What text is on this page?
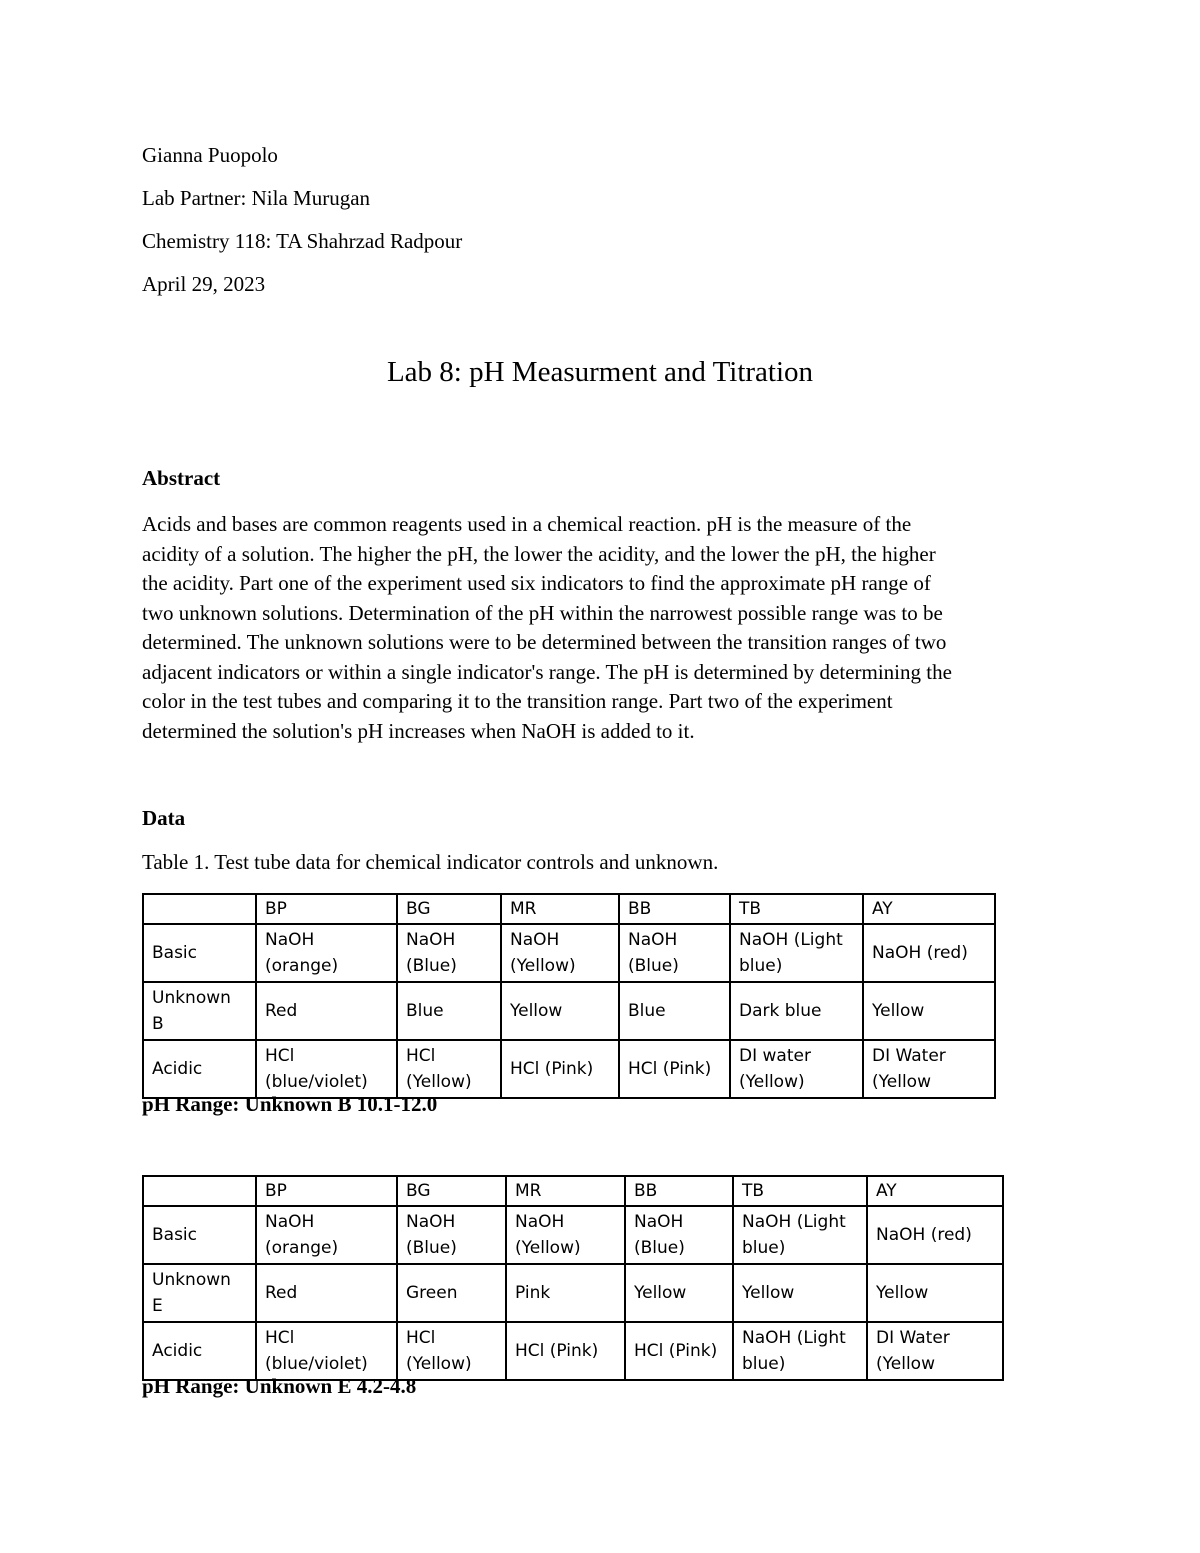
Gianna Puopolo
Lab Partner: Nila Murugan
Chemistry 118: TA Shahrzad Radpour
April 29, 2023
Lab 8: pH Measurment and Titration
Abstract
Acids and bases are common reagents used in a chemical reaction. pH is the measure of the
acidity of a solution. The higher the pH, the lower the acidity, and the lower the pH, the higher
the acidity. Part one of the experiment used six indicators to find the approximate pH range of
two unknown solutions. Determination of the pH within the narrowest possible range was to be
determined. The unknown solutions were to be determined between the transition ranges of two
adjacent indicators or within a single indicator's range. The pH is determined by determining the
color in the test tubes and comparing it to the transition range. Part two of the experiment
determined the solution's pH increases when NaOH is added to it.
Data
Table 1. Test tube data for chemical indicator controls and unknown.
	BP	BG	MR	BB	TB	AY
Basic	NaOH (orange)	NaOH (Blue)	NaOH (Yellow)	NaOH (Blue)	NaOH (Light blue)	NaOH (red)
Unknown B	Red	Blue	Yellow	Blue	Dark blue	Yellow
Acidic	HCl (blue/violet)	HCl (Yellow)	HCl (Pink)	HCl (Pink)	DI water (Yellow)	DI Water (Yellow
pH Range: Unknown B 10.1-12.0
	BP	BG	MR	BB	TB	AY
Basic	NaOH (orange)	NaOH (Blue)	NaOH (Yellow)	NaOH (Blue)	NaOH (Light blue)	NaOH (red)
Unknown E	Red	Green	Pink	Yellow	Yellow	Yellow
Acidic	HCl (blue/violet)	HCl (Yellow)	HCl (Pink)	HCl (Pink)	NaOH (Light blue)	DI Water (Yellow
pH Range: Unknown E 4.2-4.8
